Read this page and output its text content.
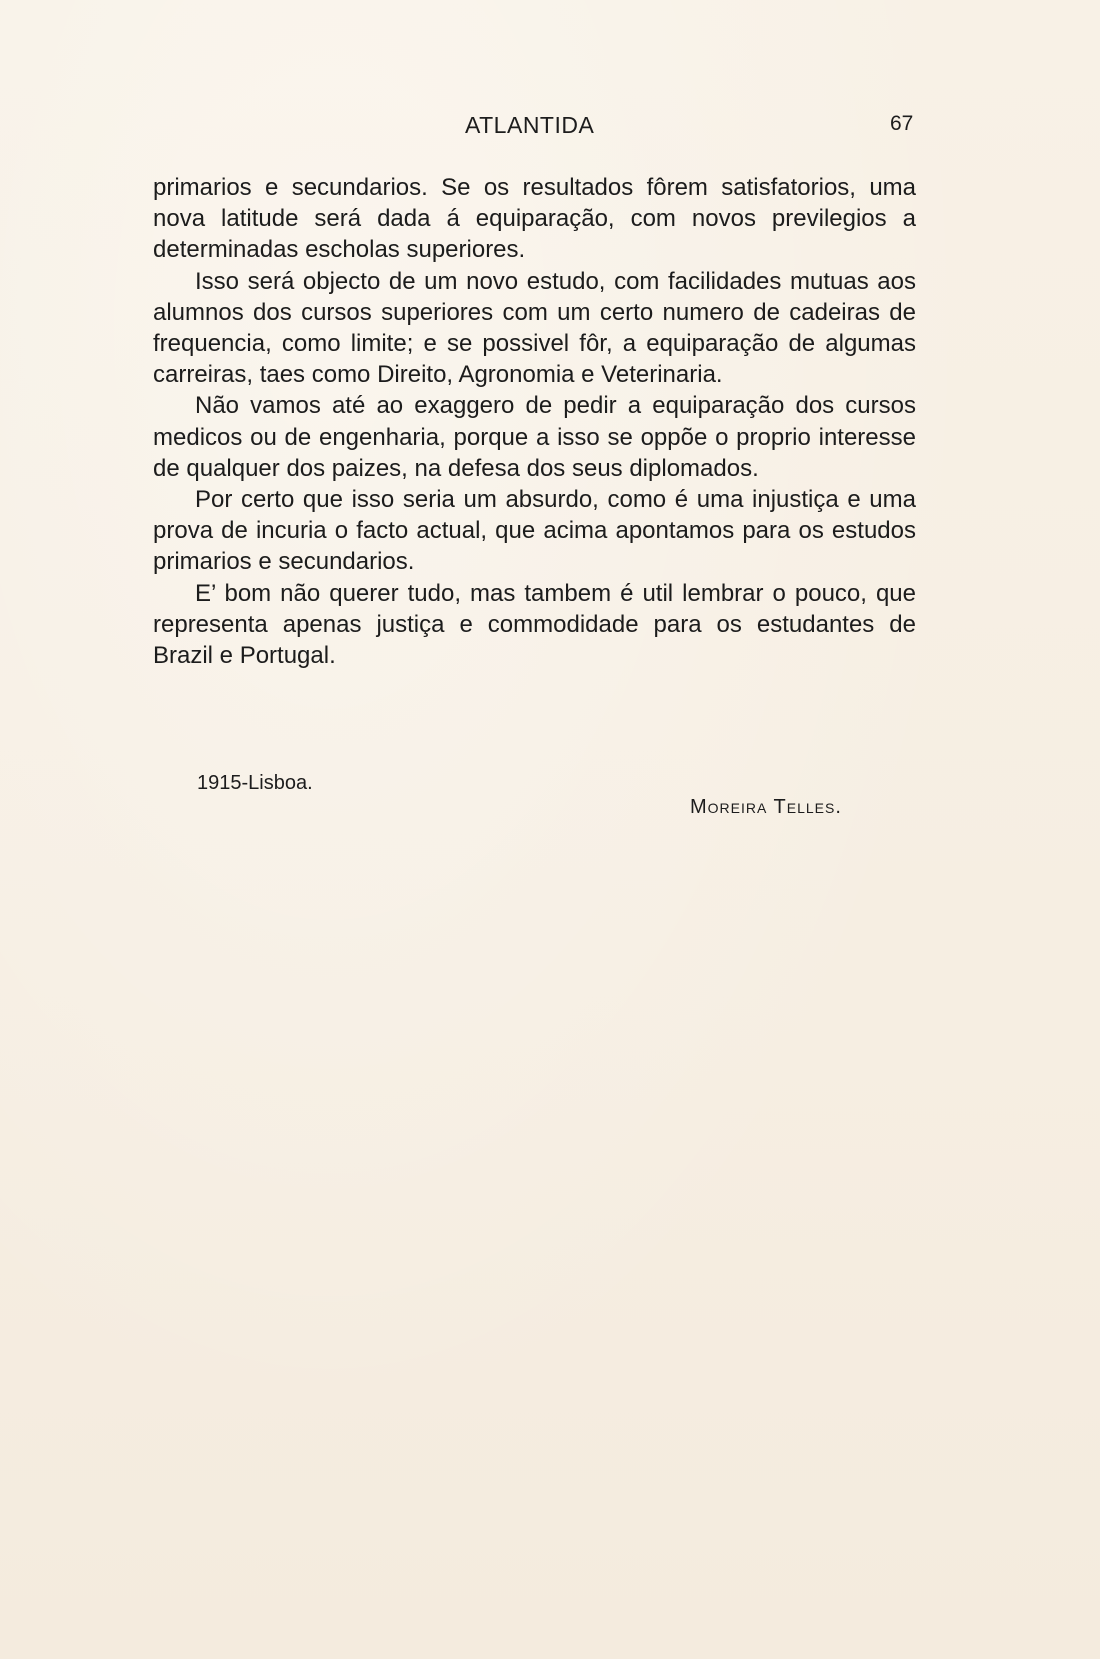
ATLANTIDA	67

primarios e secundarios. Se os resultados fôrem satisfatorios, uma nova latitude será dada á equiparação, com novos previlegios a determinadas escholas superiores.

Isso será objecto de um novo estudo, com facilidades mutuas aos alumnos dos cursos superiores com um certo numero de cadeiras de frequencia, como limite; e se possivel fôr, a equiparação de algumas carreiras, taes como Direito, Agronomia e Veterinaria.

Não vamos até ao exaggero de pedir a equiparação dos cursos medicos ou de engenharia, porque a isso se oppõe o proprio interesse de qualquer dos paizes, na defesa dos seus diplomados.

Por certo que isso seria um absurdo, como é uma injustiça e uma prova de incuria o facto actual, que acima apontamos para os estudos primarios e secundarios.

E’ bom não querer tudo, mas tambem é util lembrar o pouco, que representa apenas justiça e commodidade para os estudantes de Brazil e Portugal.

1915-Lisboa.
Moreira Telles.
